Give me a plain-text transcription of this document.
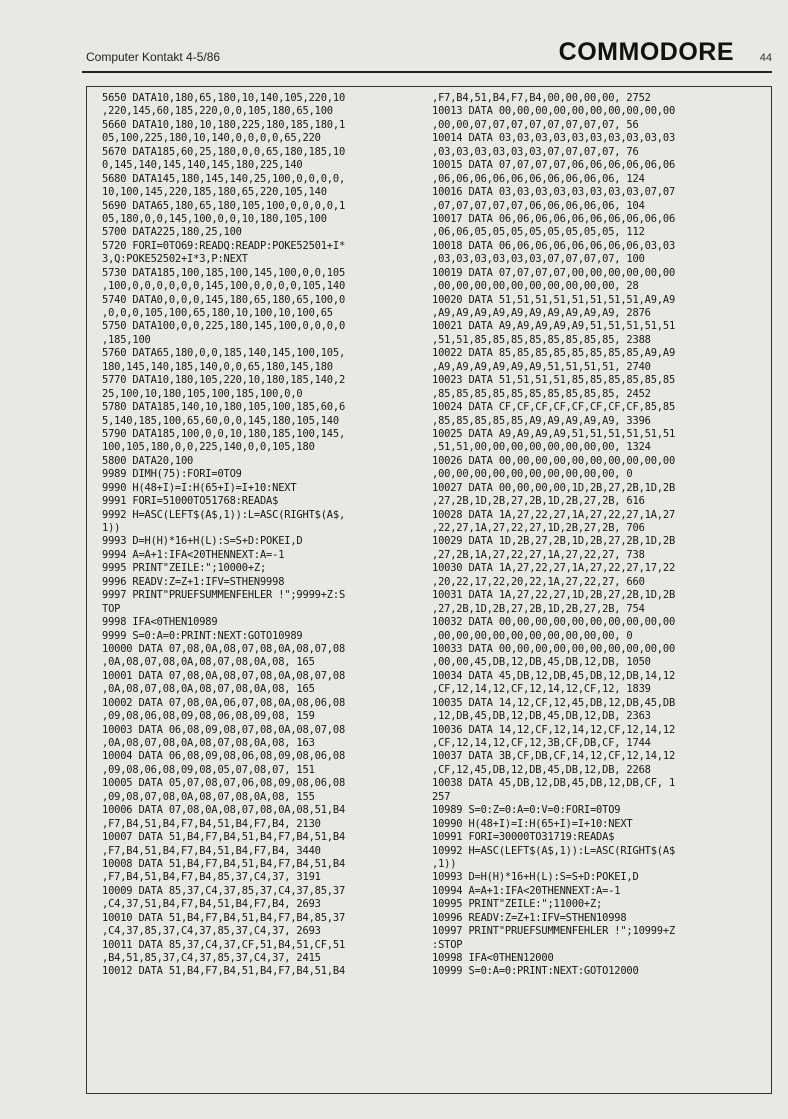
Computer Kontakt 4-5/86	COMMODORE 44
5650 DATA10,180,65,180,10,140,105,220,10
,220,145,60,185,220,0,0,105,180,65,100
5660 DATA10,180,10,180,225,180,185,180,1
05,100,225,180,10,140,0,0,0,0,65,220
5670 DATA185,60,25,180,0,0,65,180,185,10
0,145,140,145,140,145,180,225,140
5680 DATA145,180,145,140,25,100,0,0,0,0,
10,100,145,220,185,180,65,220,105,140
5690 DATA65,180,65,180,105,100,0,0,0,0,1
05,180,0,0,145,100,0,0,10,180,105,100
5700 DATA225,180,25,100
5720 FORI=0TO69:READQ:READP:POKE52501+I*
3,Q:POKE52502+I*3,P:NEXT
5730 DATA185,100,185,100,145,100,0,0,105
,100,0,0,0,0,0,0,145,100,0,0,0,0,105,140
5740 DATA0,0,0,0,145,180,65,180,65,100,0
,0,0,0,105,100,65,180,10,100,10,100,65
5750 DATA100,0,0,225,180,145,100,0,0,0,0
,185,100
5760 DATA65,180,0,0,185,140,145,100,105,
180,145,140,185,140,0,0,65,180,145,180
5770 DATA10,180,105,220,10,180,185,140,2
25,100,10,180,105,100,185,100,0,0
5780 DATA185,140,10,180,105,100,185,60,6
5,140,185,100,65,60,0,0,145,180,105,140
5790 DATA185,100,0,0,10,180,185,100,145,
100,105,180,0,0,225,140,0,0,105,180
5800 DATA20,100
9989 DIMH(75):FORI=0TO9
9990 H(48+I)=I:H(65+I)=I+10:NEXT
9991 FORI=51000TO51768:READA$
9992 H=ASC(LEFT$(A$,1)):L=ASC(RIGHT$(A$,
1))
9993 D=H(H)*16+H(L):S=S+D:POKEI,D
9994 A=A+1:IFA<20THENNEXT:A=-1
9995 PRINT"ZEILE:";10000+Z;
9996 READV:Z=Z+1:IFV=STHEN9998
9997 PRINT"PRUEFSUMMENFEHLER !";9999+Z:S
TOP
9998 IFA<0THEN10989
9999 S=0:A=0:PRINT:NEXT:GOTO10989
10000 DATA 07,08,0A,08,07,08,0A,08,07,08
,0A,08,07,08,0A,08,07,08,0A,08, 165
10001 DATA 07,08,0A,08,07,08,0A,08,07,08
,0A,08,07,08,0A,08,07,08,0A,08, 165
10002 DATA 07,08,0A,06,07,08,0A,08,06,08
,09,08,06,08,09,08,06,08,09,08, 159
10003 DATA 06,08,09,08,07,08,0A,08,07,08
,0A,08,07,08,0A,08,07,08,0A,08, 163
10004 DATA 06,08,09,08,06,08,09,08,06,08
,09,08,06,08,09,08,05,07,08,07, 151
10005 DATA 05,07,08,07,06,08,09,08,06,08
,09,08,07,08,0A,08,07,08,0A,08, 155
10006 DATA 07,08,0A,08,07,08,0A,08,51,B4
,F7,B4,51,B4,F7,B4,51,B4,F7,B4, 2130
10007 DATA 51,B4,F7,B4,51,B4,F7,B4,51,B4
,F7,B4,51,B4,F7,B4,51,B4,F7,B4, 3440
10008 DATA 51,B4,F7,B4,51,B4,F7,B4,51,B4
,F7,B4,51,B4,F7,B4,85,37,C4,37, 3191
10009 DATA 85,37,C4,37,85,37,C4,37,85,37
,C4,37,51,B4,F7,B4,51,B4,F7,B4, 2693
10010 DATA 51,B4,F7,B4,51,B4,F7,B4,85,37
,C4,37,85,37,C4,37,85,37,C4,37, 2693
10011 DATA 85,37,C4,37,CF,51,B4,51,CF,51
,B4,51,85,37,C4,37,85,37,C4,37, 2415
10012 DATA 51,B4,F7,B4,51,B4,F7,B4,51,B4
,F7,B4,51,B4,F7,B4,00,00,00,00, 2752
10013 DATA 00,00,00,00,00,00,00,00,00,00
,00,00,07,07,07,07,07,07,07,07, 56
10014 DATA 03,03,03,03,03,03,03,03,03,03
,03,03,03,03,03,03,07,07,07,07, 76
10015 DATA 07,07,07,07,06,06,06,06,06,06
,06,06,06,06,06,06,06,06,06,06, 124
10016 DATA 03,03,03,03,03,03,03,03,07,07
,07,07,07,07,07,06,06,06,06,06, 104
10017 DATA 06,06,06,06,06,06,06,06,06,06
,06,06,05,05,05,05,05,05,05,05, 112
10018 DATA 06,06,06,06,06,06,06,06,03,03
,03,03,03,03,03,03,07,07,07,07, 100
10019 DATA 07,07,07,07,00,00,00,00,00,00
,00,00,00,00,00,00,00,00,00,00, 28
10020 DATA 51,51,51,51,51,51,51,51,A9,A9
,A9,A9,A9,A9,A9,A9,A9,A9,A9,A9, 2876
10021 DATA A9,A9,A9,A9,A9,51,51,51,51,51
,51,51,85,85,85,85,85,85,85,85, 2388
10022 DATA 85,85,85,85,85,85,85,85,A9,A9
,A9,A9,A9,A9,A9,A9,51,51,51,51, 2740
10023 DATA 51,51,51,51,85,85,85,85,85,85
,85,85,85,85,85,85,85,85,85,85, 2452
10024 DATA CF,CF,CF,CF,CF,CF,CF,CF,85,85
,85,85,85,85,85,A9,A9,A9,A9,A9, 3396
10025 DATA A9,A9,A9,A9,51,51,51,51,51,51
,51,51,00,00,00,00,00,00,00,00, 1324
10026 DATA 00,00,00,00,00,00,00,00,00,00
,00,00,00,00,00,00,00,00,00,00, 0
10027 DATA 00,00,00,00,1D,2B,27,2B,1D,2B
,27,2B,1D,2B,27,2B,1D,2B,27,2B, 616
10028 DATA 1A,27,22,27,1A,27,22,27,1A,27
,22,27,1A,27,22,27,1D,2B,27,2B, 706
10029 DATA 1D,2B,27,2B,1D,2B,27,2B,1D,2B
,27,2B,1A,27,22,27,1A,27,22,27, 738
10030 DATA 1A,27,22,27,1A,27,22,27,17,22
,20,22,17,22,20,22,1A,27,22,27, 660
10031 DATA 1A,27,22,27,1D,2B,27,2B,1D,2B
,27,2B,1D,2B,27,2B,1D,2B,27,2B, 754
10032 DATA 00,00,00,00,00,00,00,00,00,00
,00,00,00,00,00,00,00,00,00,00, 0
10033 DATA 00,00,00,00,00,00,00,00,00,00
,00,00,45,DB,12,DB,45,DB,12,DB, 1050
10034 DATA 45,DB,12,DB,45,DB,12,DB,14,12
,CF,12,14,12,CF,12,14,12,CF,12, 1839
10035 DATA 14,12,CF,12,45,DB,12,DB,45,DB
,12,DB,45,DB,12,DB,45,DB,12,DB, 2363
10036 DATA 14,12,CF,12,14,12,CF,12,14,12
,CF,12,14,12,CF,12,3B,CF,DB,CF, 1744
10037 DATA 3B,CF,DB,CF,14,12,CF,12,14,12
,CF,12,45,DB,12,DB,45,DB,12,DB, 2268
10038 DATA 45,DB,12,DB,45,DB,12,DB,CF, 1
257
10989 S=0:Z=0:A=0:V=0:FORI=0TO9
10990 H(48+I)=I:H(65+I)=I+10:NEXT
10991 FORI=30000TO31719:READA$
10992 H=ASC(LEFT$(A$,1)):L=ASC(RIGHT$(A$
,1))
10993 D=H(H)*16+H(L):S=S+D:POKEI,D
10994 A=A+1:IFA<20THENNEXT:A=-1
10995 PRINT"ZEILE:";11000+Z;
10996 READV:Z=Z+1:IFV=STHEN10998
10997 PRINT"PRUEFSUMMENFEHLER !";10999+Z
:STOP
10998 IFA<0THEN12000
10999 S=0:A=0:PRINT:NEXT:GOTO12000
